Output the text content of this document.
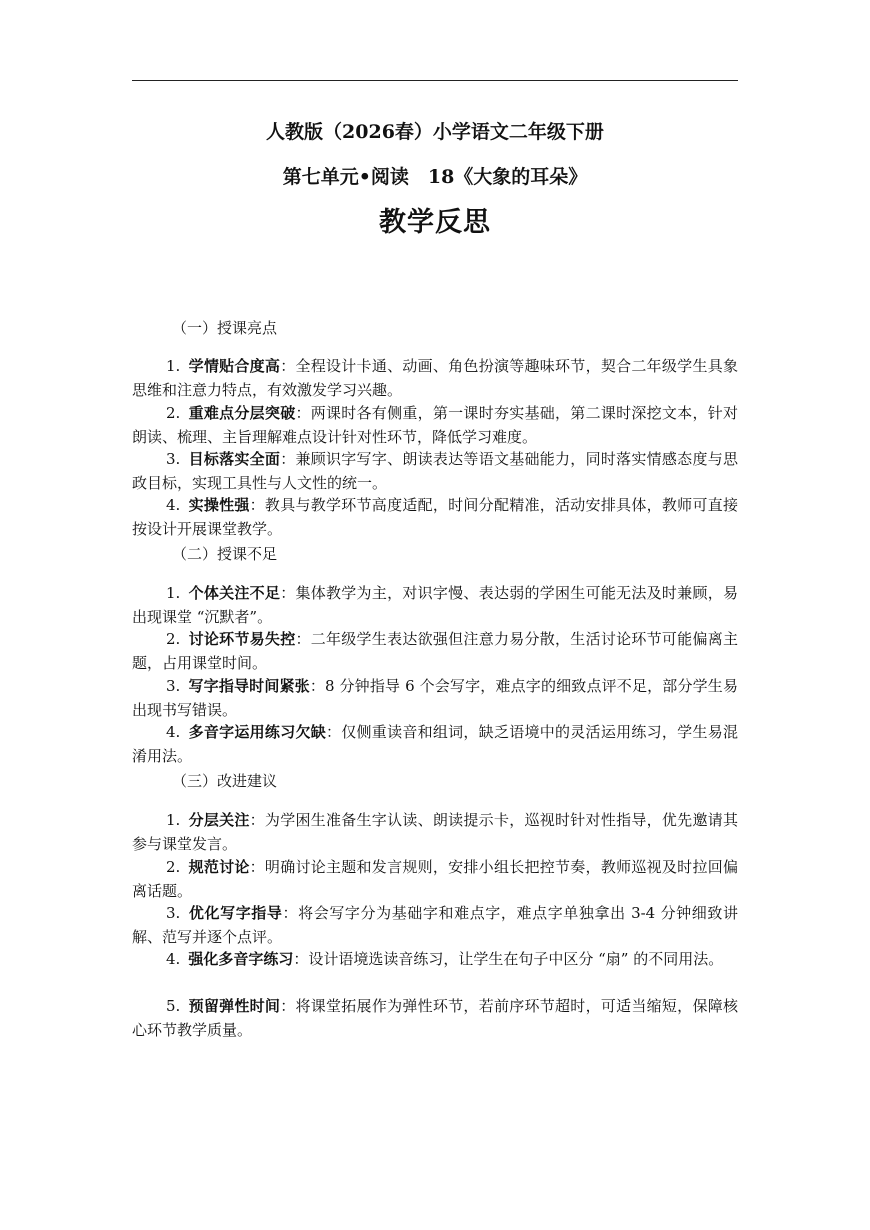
人教版（2026春）小学语文二年级下册
第七单元•阅读　18《大象的耳朵》
教学反思
（一）授课亮点
1. 学情贴合度高：全程设计卡通、动画、角色扮演等趣味环节，契合二年级学生具象思维和注意力特点，有效激发学习兴趣。
2. 重难点分层突破：两课时各有侧重，第一课时夯实基础，第二课时深挖文本，针对朗读、梳理、主旨理解难点设计针对性环节，降低学习难度。
3. 目标落实全面：兼顾识字写字、朗读表达等语文基础能力，同时落实情感态度与思政目标，实现工具性与人文性的统一。
4. 实操性强：教具与教学环节高度适配，时间分配精准，活动安排具体，教师可直接按设计开展课堂教学。
（二）授课不足
1. 个体关注不足：集体教学为主，对识字慢、表达弱的学困生可能无法及时兼顾，易出现课堂 “沉默者”。
2. 讨论环节易失控：二年级学生表达欲强但注意力易分散，生活讨论环节可能偏离主题，占用课堂时间。
3. 写字指导时间紧张：8 分钟指导 6 个会写字，难点字的细致点评不足，部分学生易出现书写错误。
4. 多音字运用练习欠缺：仅侧重读音和组词，缺乏语境中的灵活运用练习，学生易混淆用法。
（三）改进建议
1. 分层关注：为学困生准备生字认读、朗读提示卡，巡视时针对性指导，优先邀请其参与课堂发言。
2. 规范讨论：明确讨论主题和发言规则，安排小组长把控节奏，教师巡视及时拉回偏离话题。
3. 优化写字指导：将会写字分为基础字和难点字，难点字单独拿出 3-4 分钟细致讲解、范写并逐个点评。
4. 强化多音字练习：设计语境选读音练习，让学生在句子中区分 “扇” 的不同用法。
5. 预留弹性时间：将课堂拓展作为弹性环节，若前序环节超时，可适当缩短，保障核心环节教学质量。
